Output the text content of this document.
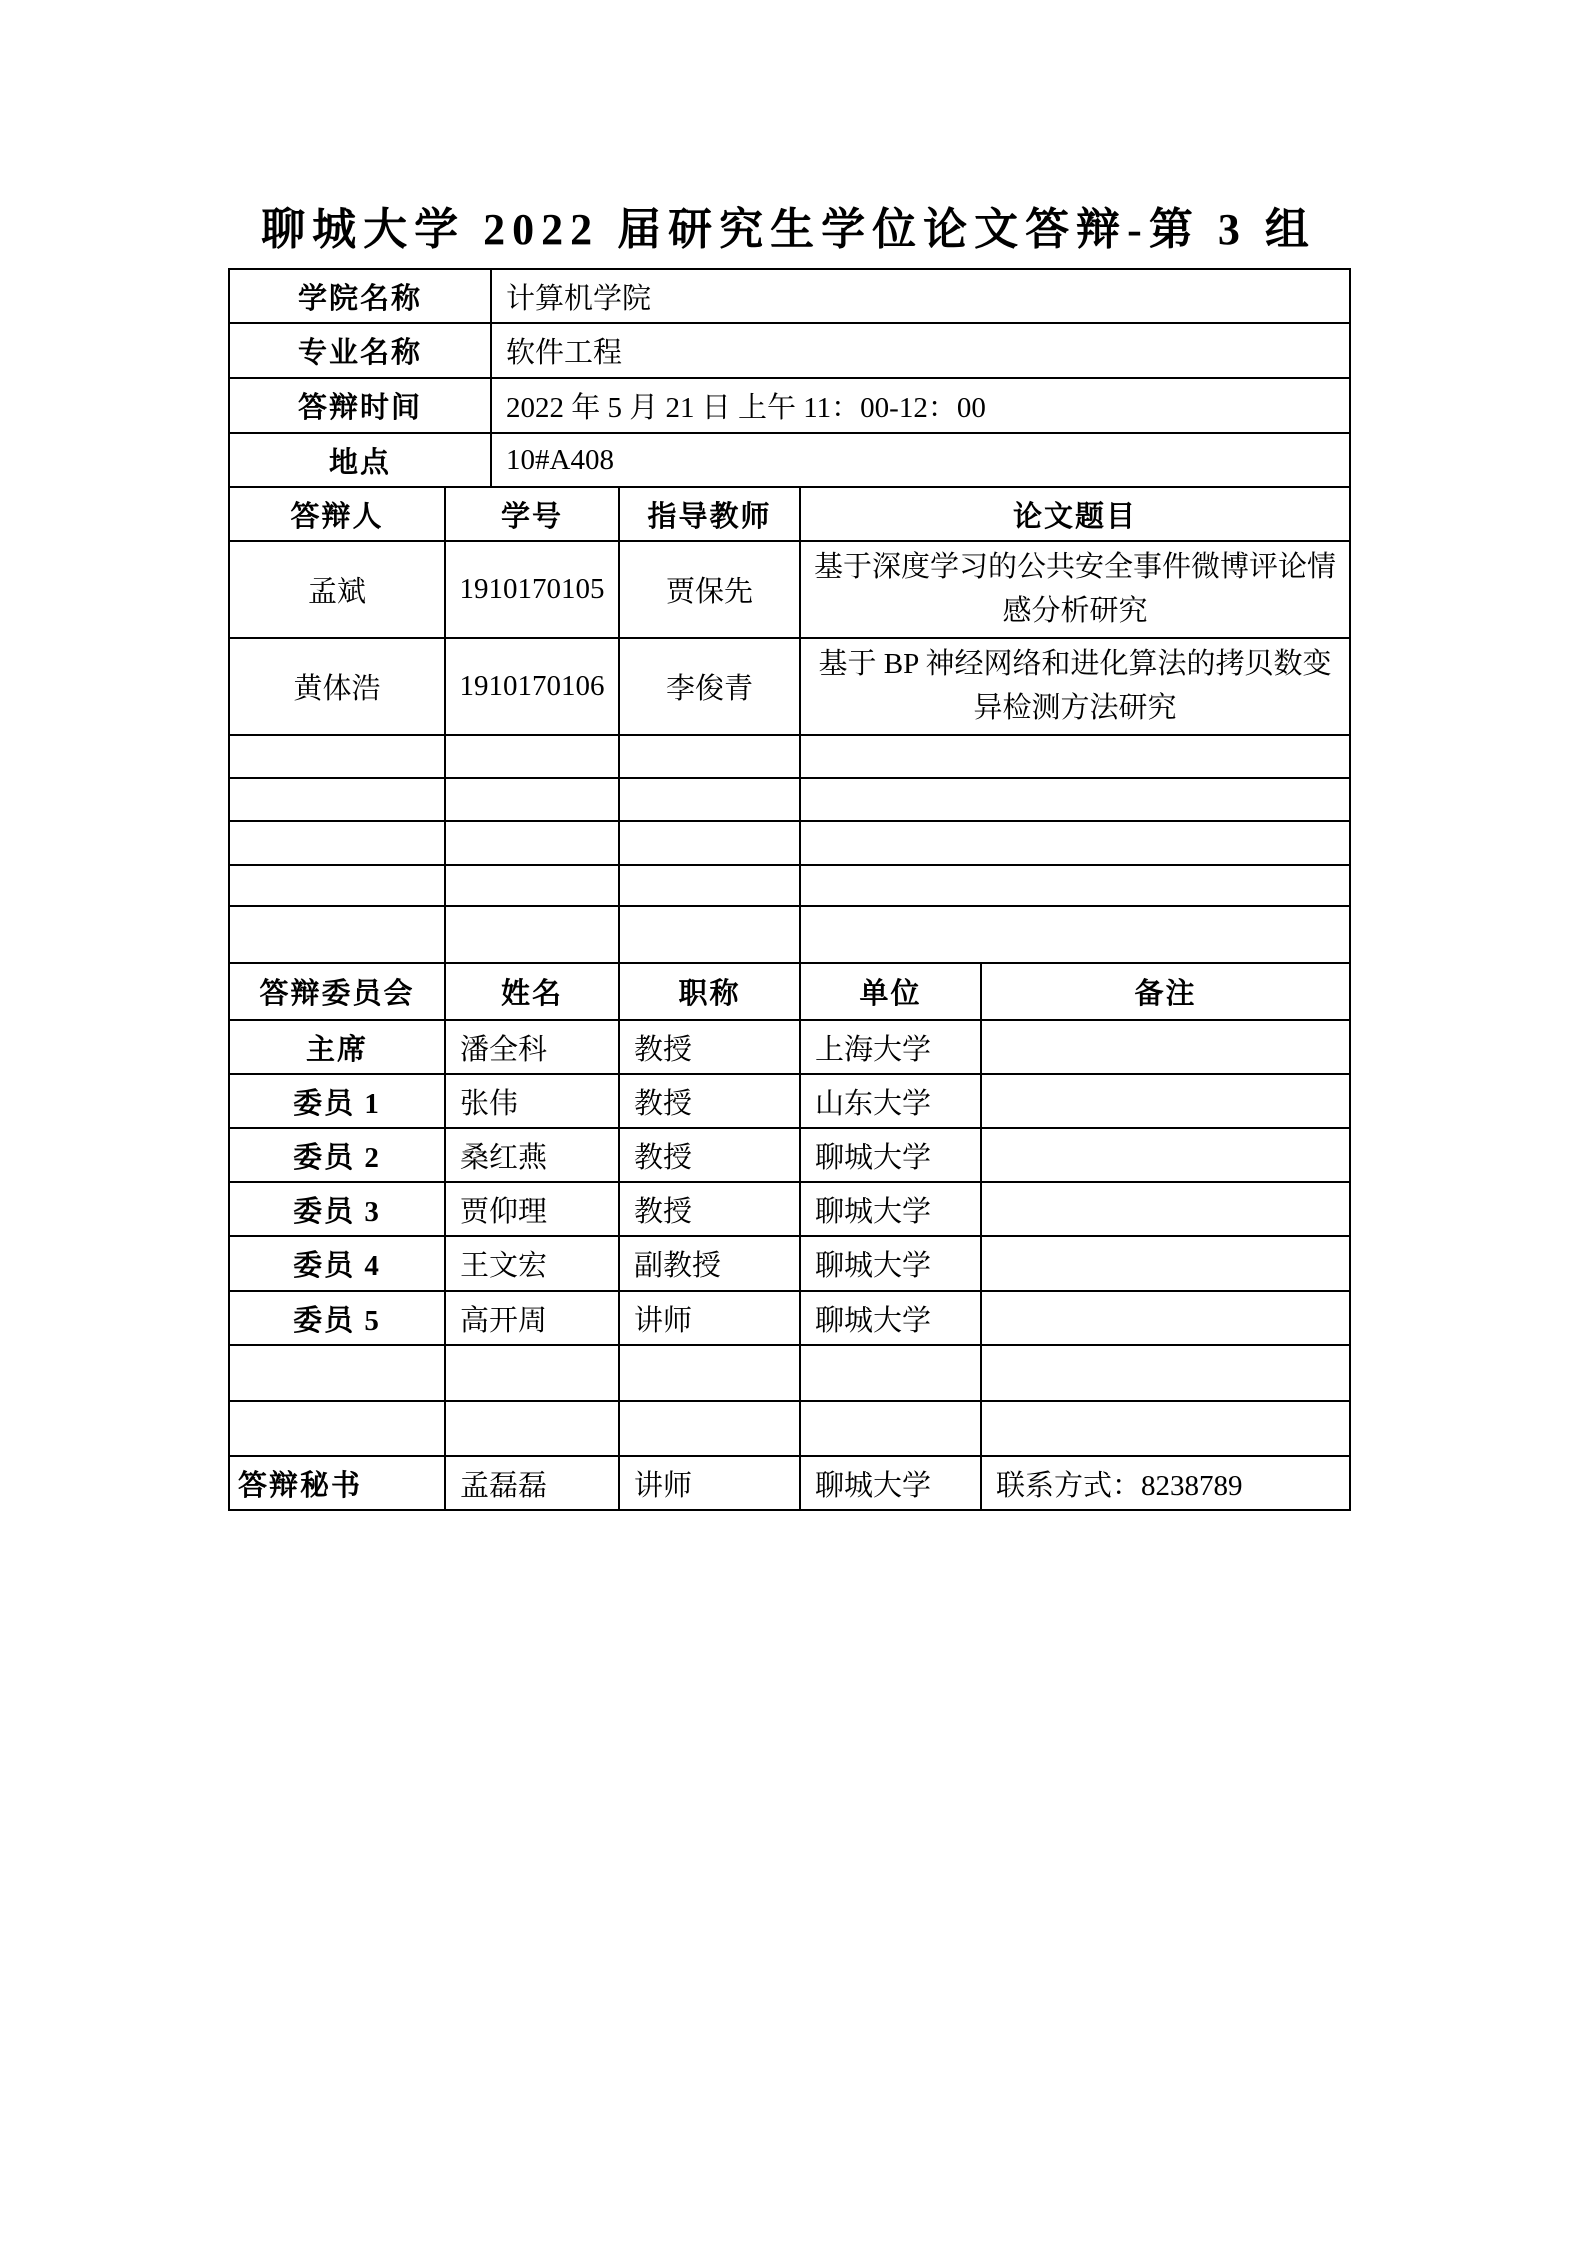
聊城大学 2022 届研究生学位论文答辩-第 3 组
学院名称	计算机学院
专业名称	软件工程
答辩时间	2022 年 5 月 21 日 上午 11：00-12：00
地点	10#A408
答辩人	学号	指导教师	论文题目
孟斌	1910170105	贾保先	基于深度学习的公共安全事件微博评论情感分析研究
黄体浩	1910170106	李俊青	基于 BP 神经网络和进化算法的拷贝数变异检测方法研究

答辩委员会	姓名	职称	单位	备注
主席	潘全科	教授	上海大学	
委员 1	张伟	教授	山东大学	
委员 2	桑红燕	教授	聊城大学	
委员 3	贾仰理	教授	聊城大学	
委员 4	王文宏	副教授	聊城大学	
委员 5	高开周	讲师	聊城大学	

答辩秘书	孟磊磊	讲师	聊城大学	联系方式：8238789
